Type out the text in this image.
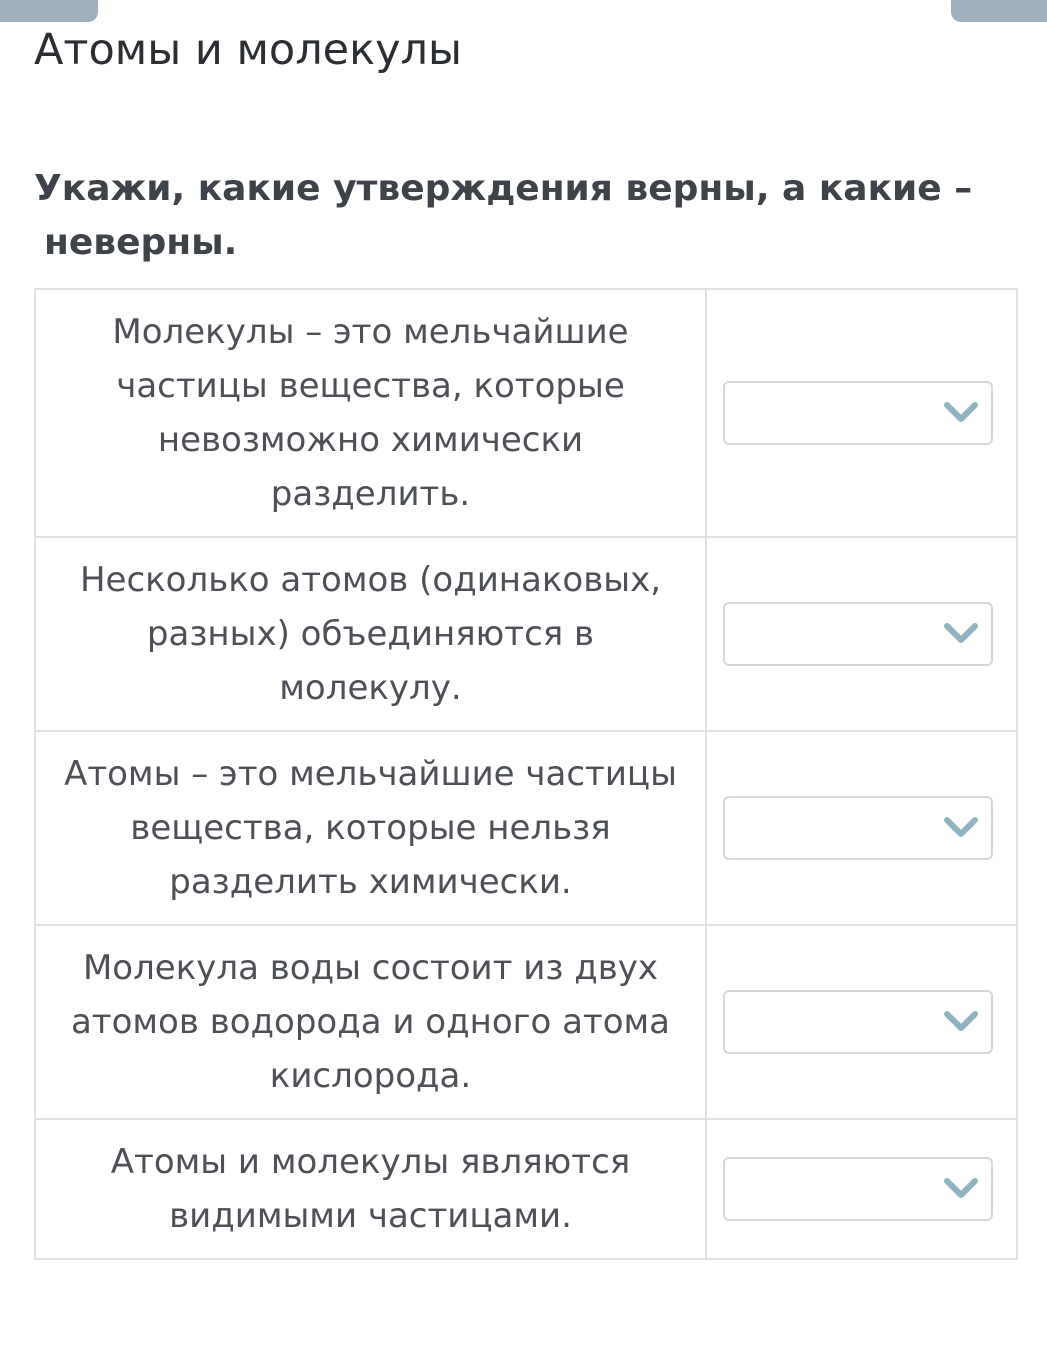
Атомы и молекулы
Укажи, какие утверждения верны, а какие –
неверны.
Молекулы – это мельчайшие частицы вещества, которые невозможно химически разделить.

Несколько атомов (одинаковых, разных) объединяются в молекулу.

Атомы – это мельчайшие частицы вещества, которые нельзя разделить химически.

Молекула воды состоит из двух атомов водорода и одного атома кислорода.

Атомы и молекулы являются видимыми частицами.
